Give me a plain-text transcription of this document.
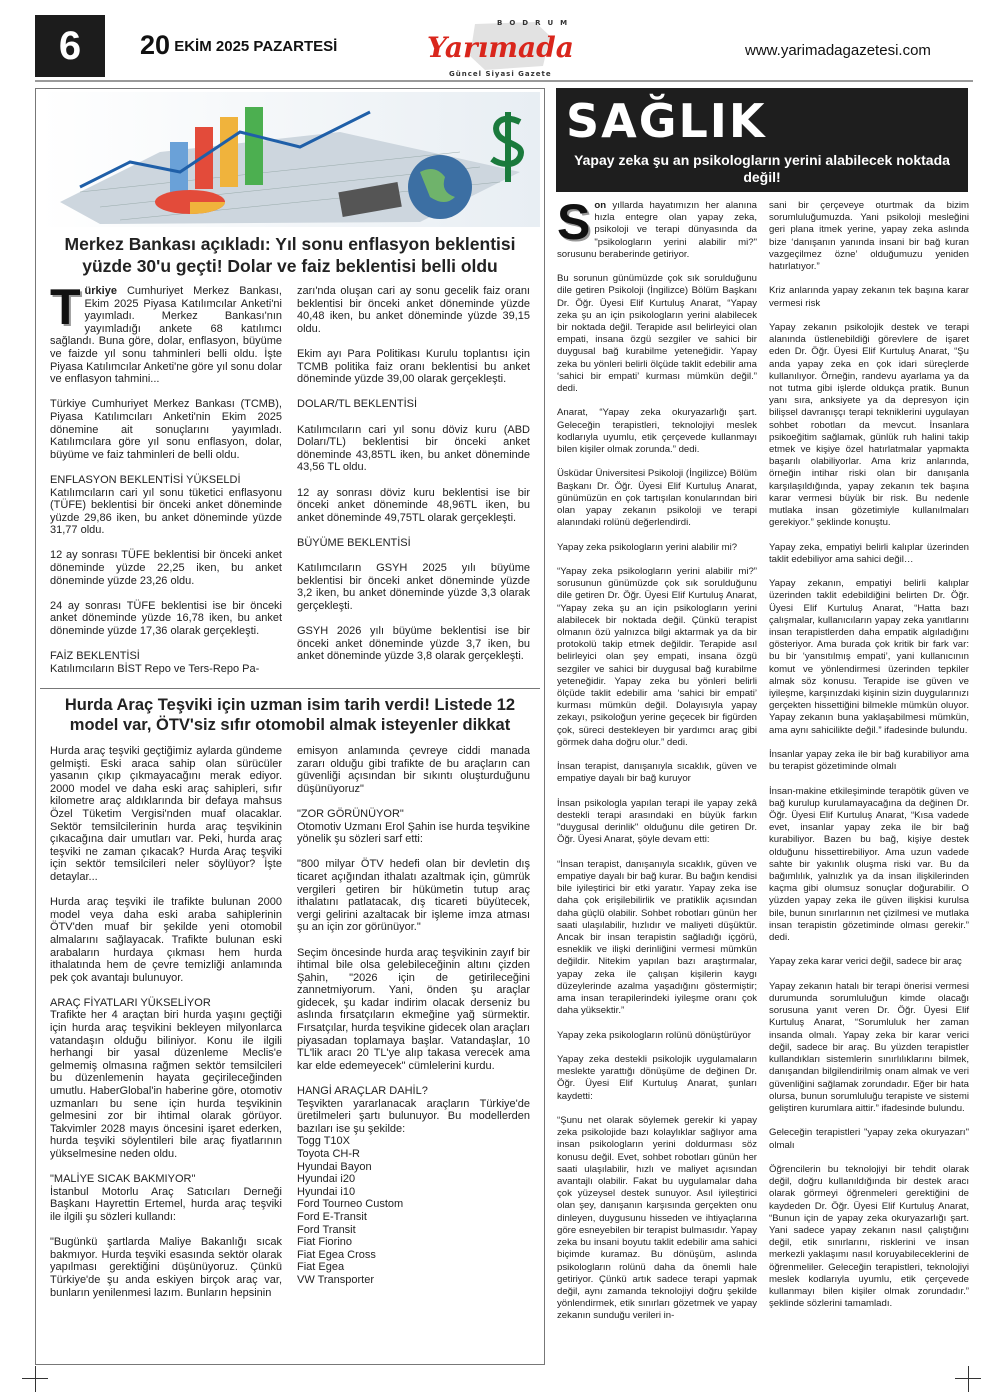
6	20 EKİM 2025 PAZARTESİ
BODRUM
Yarımada
Güncel Siyasi Gazete
www.yarimadagazetesi.com
Merkez Bankası açıkladı: Yıl sonu enflasyon beklentisi yüzde 30'u geçti! Dolar ve faiz beklentisi belli oldu

Türkiye Cumhuriyet Merkez Bankası, Ekim 2025 Piyasa Katılımcılar Anketi'ni yayımladı. Merkez Bankası'nın yayımladığı ankete 68 katılımcı sağlandı. Buna göre, dolar, enflasyon, büyüme ve faizde yıl sonu tahminleri belli oldu. İşte Piyasa Katılımcılar Anketi'ne göre yıl sonu dolar ve enflasyon tahmini...

Türkiye Cumhuriyet Merkez Bankası (TCMB), Piyasa Katılımcıları Anketi'nin Ekim 2025 dönemine ait sonuçlarını yayımladı. Katılımcılara göre yıl sonu enflasyon, dolar, büyüme ve faiz tahminleri de belli oldu.

ENFLASYON BEKLENTİSİ YÜKSELDİ
Katılımcıların cari yıl sonu tüketici enflasyonu (TÜFE) beklentisi bir önceki anket döneminde yüzde 29,86 iken, bu anket döneminde yüzde 31,77 oldu.

12 ay sonrası TÜFE beklentisi bir önceki anket döneminde yüzde 22,25 iken, bu anket döneminde yüzde 23,26 oldu.

24 ay sonrası TÜFE beklentisi ise bir önceki anket döneminde yüzde 16,78 iken, bu anket döneminde yüzde 17,36 olarak gerçekleşti.

FAİZ BEKLENTİSİ
Katılımcıların BİST Repo ve Ters-Repo Pa-

zarı'nda oluşan cari ay sonu gecelik faiz oranı beklentisi bir önceki anket döneminde yüzde 40,48 iken, bu anket döneminde yüzde 39,15 oldu.

Ekim ayı Para Politikası Kurulu toplantısı için TCMB politika faiz oranı beklentisi bu anket döneminde yüzde 39,00 olarak gerçekleşti.

DOLAR/TL BEKLENTİSİ

Katılımcıların cari yıl sonu döviz kuru (ABD Doları/TL) beklentisi bir önceki anket döneminde 43,85TL iken, bu anket döneminde 43,56 TL oldu.

12 ay sonrası döviz kuru beklentisi ise bir önceki anket döneminde 48,96TL iken, bu anket döneminde 49,75TL olarak gerçekleşti.

BÜYÜME BEKLENTİSİ

Katılımcıların GSYH 2025 yılı büyüme beklentisi bir önceki anket döneminde yüzde 3,2 iken, bu anket döneminde yüzde 3,3 olarak gerçekleşti.

GSYH 2026 yılı büyüme beklentisi ise bir önceki anket döneminde yüzde 3,7 iken, bu anket döneminde yüzde 3,8 olarak gerçekleşti.

Hurda Araç Teşviki için uzman isim tarih verdi! Listede 12 model var, ÖTV'siz sıfır otomobil almak isteyenler dikkat

Hurda araç teşviki geçtiğimiz aylarda gündeme gelmişti. Eski araca sahip olan sürücüler yasanın çıkıp çıkmayacağını merak ediyor. 2000 model ve daha eski araç sahipleri, sıfır kilometre araç aldıklarında bir defaya mahsus Özel Tüketim Vergisi'nden muaf olacaklar. Sektör temsilcilerinin hurda araç teşvikinin çıkacağına dair umutları var. Peki, hurda araç teşviki ne zaman çıkacak? Hurda Araç teşviki için sektör temsilcileri neler söylüyor? İşte detaylar...

Hurda araç teşviki ile trafikte bulunan 2000 model veya daha eski araba sahiplerinin ÖTV'den muaf bir şekilde yeni otomobil almalarını sağlayacak. Trafikte bulunan eski arabaların hurdaya çıkması hem hurda ithalatında hem de çevre temizliği anlamında pek çok avantajı bulunuyor.

ARAÇ FİYATLARI YÜKSELİYOR
Trafikte her 4 araçtan biri hurda yaşını geçtiği için hurda araç teşvikini bekleyen milyonlarca vatandaşın olduğu biliniyor. Konu ile ilgili herhangi bir yasal düzenleme Meclis'e gelmemiş olmasına rağmen sektör temsilcileri bu düzenlemenin hayata geçirileceğinden umutlu. HaberGlobal'in haberine göre, otomotiv uzmanları bu sene için hurda teşvikinin gelmesini zor bir ihtimal olarak görüyor. Takvimler 2028 mayıs öncesini işaret ederken, hurda teşviki söylentileri bile araç fiyatlarının yükselmesine neden oldu.

"MALİYE SICAK BAKMIYOR"
İstanbul Motorlu Araç Satıcıları Derneği Başkanı Hayrettin Ertemel, hurda araç teşviki ile ilgili şu sözleri kullandı:

"Bugünkü şartlarda Maliye Bakanlığı sıcak bakmıyor. Hurda teşviki esasında sektör olarak yapılması gerektiğini düşünüyoruz. Çünkü Türkiye'de şu anda eskiyen birçok araç var, bunların yenilenmesi lazım. Bunların hepsinin

emisyon anlamında çevreye ciddi manada zararı olduğu gibi trafikte de bu araçların can güvenliği açısından bir sıkıntı oluşturduğunu düşünüyoruz"

"ZOR GÖRÜNÜYOR"
Otomotiv Uzmanı Erol Şahin ise hurda teşvikine yönelik şu sözleri sarf etti:

"800 milyar ÖTV hedefi olan bir devletin dış ticaret açığından ithalatı azaltmak için, gümrük vergileri getiren bir hükümetin tutup araç ithalatını patlatacak, dış ticareti büyütecek, vergi gelirini azaltacak bir işleme imza atması şu an için zor görünüyor."

Seçim öncesinde hurda araç teşvikinin zayıf bir ihtimal bile olsa gelebileceğinin altını çizden Şahin, "2026 için de getirileceğini zannetmiyorum. Yani, önden şu araçlar gidecek, şu kadar indirim olacak derseniz bu aslında fırsatçıların ekmeğine yağ sürmektir. Fırsatçılar, hurda teşvikine gidecek olan araçları piyasadan toplamaya başlar. Vatandaşlar, 10 TL'lik aracı 20 TL'ye alıp takasa verecek ama kar elde edemeyecek" cümlelerini kurdu.

HANGİ ARAÇLAR DAHİL?
Teşvikten yararlanacak araçların Türkiye'de üretilmeleri şartı bulunuyor. Bu modellerden bazıları ise şu şekilde:

Togg T10X
Toyota CH-R
Hyundai Bayon
Hyundai i20
Hyundai i10
Ford Tourneo Custom
Ford E-Transit
Ford Transit
Fiat Fiorino
Fiat Egea Cross
Fiat Egea
VW Transporter
SAĞLIK
Yapay zeka şu an psikologların yerini alabilecek noktada değil!

Son yıllarda hayatımızın her alanına hızla entegre olan yapay zeka, psikoloji ve terapi dünyasında da "psikologların yerini alabilir mi?" sorusunu beraberinde getiriyor.

Bu sorunun günümüzde çok sık sorulduğunu dile getiren Psikoloji (İngilizce) Bölüm Başkanı Dr. Öğr. Üyesi Elif Kurtuluş Anarat, “Yapay zeka şu an için psikologların yerini alabilecek bir noktada değil. Terapide asıl belirleyici olan empati, insana özgü sezgiler ve sahici bir duygusal bağ kurabilme yeteneğidir. Yapay zeka bu yönleri belirli ölçüde taklit edebilir ama ‘sahici bir empati’ kurması mümkün değil.” dedi.

Anarat, “Yapay zeka okuryazarlığı şart. Geleceğin terapistleri, teknolojiyi meslek kodlarıyla uyumlu, etik çerçevede kullanmayı bilen kişiler olmak zorunda.” dedi.

Üsküdar Üniversitesi Psikoloji (İngilizce) Bölüm Başkanı Dr. Öğr. Üyesi Elif Kurtuluş Anarat, günümüzün en çok tartışılan konularından biri olan yapay zekanın psikoloji ve terapi alanındaki rolünü değerlendirdi.

Yapay zeka psikologların yerini alabilir mi?

“Yapay zeka psikologların yerini alabilir mi?” sorusunun günümüzde çok sık sorulduğunu dile getiren Dr. Öğr. Üyesi Elif Kurtuluş Anarat, “Yapay zeka şu an için psikologların yerini alabilecek bir noktada değil. Çünkü terapist olmanın özü yalnızca bilgi aktarmak ya da bir protokolü takip etmek değildir. Terapide asıl belirleyici olan şey empati, insana özgü sezgiler ve sahici bir duygusal bağ kurabilme yeteneğidir. Yapay zeka bu yönleri belirli ölçüde taklit edebilir ama ‘sahici bir empati’ kurması mümkün değil. Dolayısıyla yapay zekayı, psikoloğun yerine geçecek bir figürden çok, süreci destekleyen bir yardımcı araç gibi görmek daha doğru olur.” dedi.

İnsan terapist, danışanıyla sıcaklık, güven ve empatiye dayalı bir bağ kuruyor

İnsan psikologla yapılan terapi ile yapay zekâ destekli terapi arasındaki en büyük farkın "duygusal derinlik" olduğunu dile getiren Dr. Öğr. Üyesi Anarat, şöyle devam etti:

“İnsan terapist, danışanıyla sıcaklık, güven ve empatiye dayalı bir bağ kurar. Bu bağın kendisi bile iyileştirici bir etki yaratır. Yapay zeka ise daha çok erişilebilirlik ve pratiklik açısından daha güçlü olabilir. Sohbet robotları günün her saati ulaşılabilir, hızlıdır ve maliyeti düşüktür. Ancak bir insan terapistin sağladığı içgörü, esneklik ve ilişki derinliğini vermesi mümkün değildir. Nitekim yapılan bazı araştırmalar, yapay zeka ile çalışan kişilerin kaygı düzeylerinde azalma yaşadığını göstermiştir; ama insan terapilerindeki iyileşme oranı çok daha yüksektir.”

Yapay zeka psikologların rolünü dönüştürüyor

Yapay zeka destekli psikolojik uygulamaların meslekte yarattığı dönüşüme de değinen Dr. Öğr. Üyesi Elif Kurtuluş Anarat, şunları kaydetti:

“Şunu net olarak söylemek gerekir ki yapay zeka psikolojide bazı kolaylıklar sağlıyor ama insan psikologların yerini doldurması söz konusu değil. Evet, sohbet robotları günün her saati ulaşılabilir, hızlı ve maliyet açısından avantajlı olabilir. Fakat bu uygulamalar daha çok yüzeysel destek sunuyor. Asıl iyileştirici olan şey, danışanın karşısında gerçekten onu dinleyen, duygusunu hisseden ve ihtiyaçlarına göre esneyebilen bir terapist bulmasıdır. Yapay zeka bu insani boyutu taklit edebilir ama sahici biçimde kuramaz. Bu dönüşüm, aslında psikologların rolünü daha da önemli hale getiriyor. Çünkü artık sadece terapi yapmak değil, aynı zamanda teknolojiyi doğru şekilde yönlendirmek, etik sınırları gözetmek ve yapay zekanın sunduğu verileri in-

sani bir çerçeveye oturtmak da bizim sorumluluğumuzda. Yani psikoloji mesleğini geri plana itmek yerine, yapay zeka aslında bize ‘danışanın yanında insani bir bağ kuran vazgeçilmez özne’ olduğumuzu yeniden hatırlatıyor.”

Kriz anlarında yapay zekanın tek başına karar vermesi risk

Yapay zekanın psikolojik destek ve terapi alanında üstlenebildiği görevlere de işaret eden Dr. Öğr. Üyesi Elif Kurtuluş Anarat, “Şu anda yapay zeka en çok idari süreçlerde kullanılıyor. Örneğin, randevu ayarlama ya da not tutma gibi işlerde oldukça pratik. Bunun yanı sıra, anksiyete ya da depresyon için bilişsel davranışçı terapi tekniklerini uygulayan sohbet robotları da mevcut. İnsanlara psikoeğitim sağlamak, günlük ruh halini takip etmek ve kişiye özel hatırlatmalar yapmakta başarılı olabiliyorlar. Ama kriz anlarında, örneğin intihar riski olan bir danışanla karşılaşıldığında, yapay zekanın tek başına karar vermesi büyük bir risk. Bu nedenle mutlaka insan gözetimiyle kullanılmaları gerekiyor.” şeklinde konuştu.

Yapay zeka, empatiyi belirli kalıplar üzerinden taklit edebiliyor ama sahici değil…

Yapay zekanın, empatiyi belirli kalıplar üzerinden taklit edebildiğini belirten Dr. Öğr. Üyesi Elif Kurtuluş Anarat, “Hatta bazı çalışmalar, kullanıcıların yapay zeka yanıtlarını insan terapistlerden daha empatik algıladığını gösteriyor. Ama burada çok kritik bir fark var: bu bir ‘yansıtılmış empati’, yani kullanıcının komut ve yönlendirmesi üzerinden tepkiler almak söz konusu. Terapide ise güven ve iyileşme, karşınızdaki kişinin sizin duygularınızı gerçekten hissettiğini bilmekle mümkün oluyor. Yapay zekanın buna yaklaşabilmesi mümkün, ama aynı sahicilikte değil.” ifadesinde bulundu.

İnsanlar yapay zeka ile bir bağ kurabiliyor ama bu terapist gözetiminde olmalı

İnsan-makine etkileşiminde terapötik güven ve bağ kurulup kurulamayacağına da değinen Dr. Öğr. Üyesi Elif Kurtuluş Anarat, “Kısa vadede evet, insanlar yapay zeka ile bir bağ kurabiliyor. Bazen bu bağ, kişiye destek olduğunu hissettirebiliyor. Ama uzun vadede sahte bir yakınlık oluşma riski var. Bu da bağımlılık, yalnızlık ya da insan ilişkilerinden kaçma gibi olumsuz sonuçlar doğurabilir. O yüzden yapay zeka ile güven ilişkisi kurulsa bile, bunun sınırlarının net çizilmesi ve mutlaka insan terapistin gözetiminde olması gerekir.” dedi.

Yapay zeka karar verici değil, sadece bir araç

Yapay zekanın hatalı bir terapi önerisi vermesi durumunda sorumluluğun kimde olacağı sorusuna yanıt veren Dr. Öğr. Üyesi Elif Kurtuluş Anarat, “Sorumluluk her zaman insanda olmalı. Yapay zeka bir karar verici değil, sadece bir araç. Bu yüzden terapistler kullandıkları sistemlerin sınırlılıklarını bilmek, danışandan bilgilendirilmiş onam almak ve veri güvenliğini sağlamak zorundadır. Eğer bir hata olursa, bunun sorumluluğu terapiste ve sistemi geliştiren kurumlara aittir.” ifadesinde bulundu.

Geleceğin terapistleri "yapay zeka okuryazarı" olmalı

Öğrencilerin bu teknolojiyi bir tehdit olarak değil, doğru kullanıldığında bir destek aracı olarak görmeyi öğrenmeleri gerektiğini de kaydeden Dr. Öğr. Üyesi Elif Kurtuluş Anarat, “Bunun için de yapay zeka okuryazarlığı şart. Yani sadece yapay zekanın nasıl çalıştığını değil, etik sınırlarını, risklerini ve insan merkezli yaklaşımı nasıl koruyabileceklerini de öğrenmeliler. Geleceğin terapistleri, teknolojiyi meslek kodlarıyla uyumlu, etik çerçevede kullanmayı bilen kişiler olmak zorundadır.” şeklinde sözlerini tamamladı.
